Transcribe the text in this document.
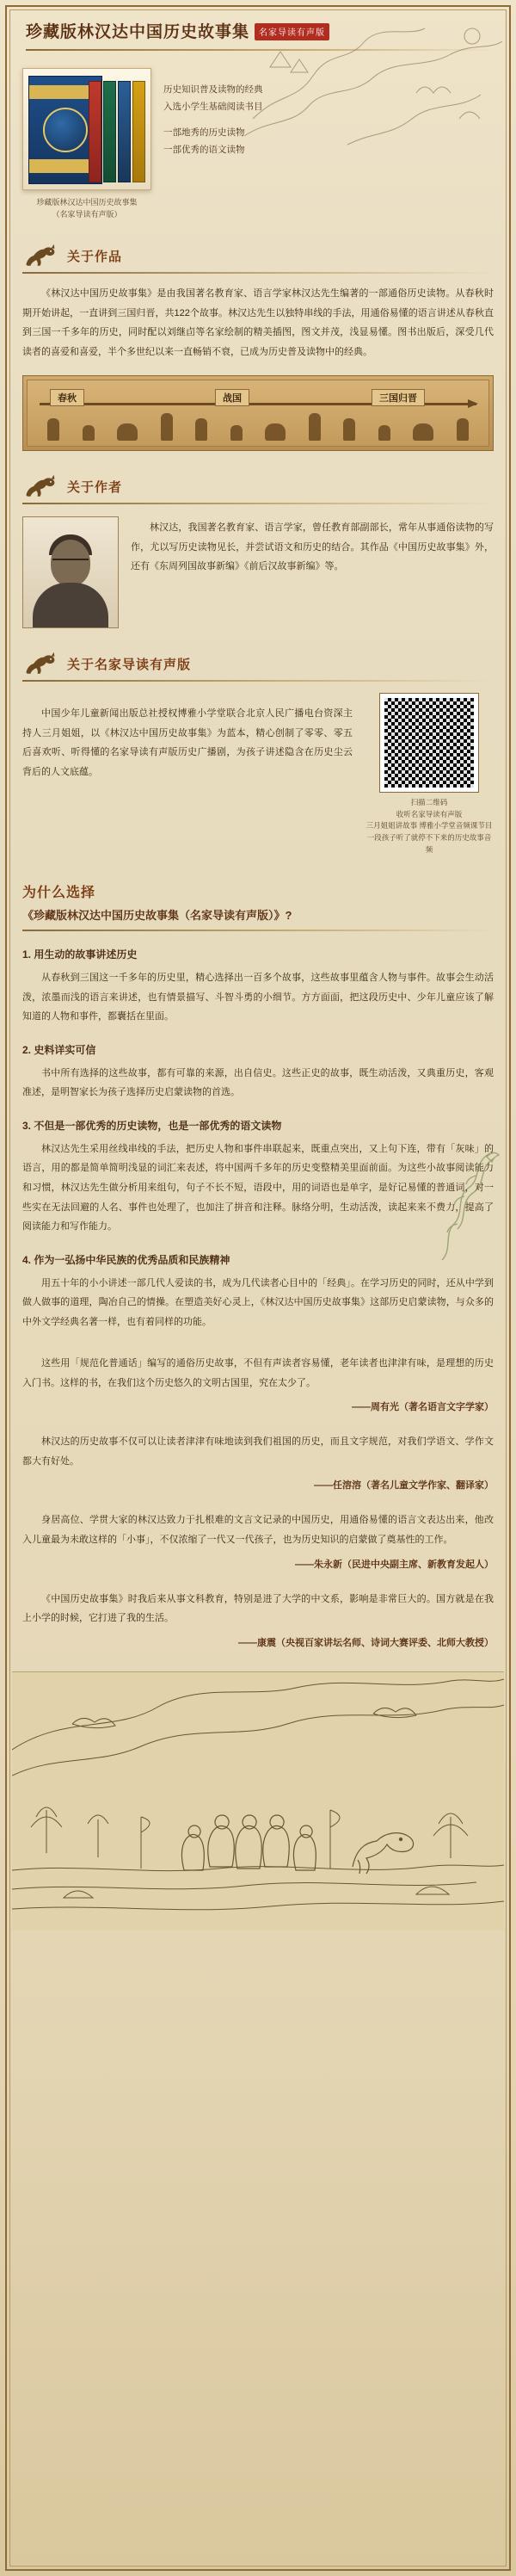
珍藏版林汉达中国历史故事集	名家导读有声版
珍藏版林汉达中国历史故事集
（名家导读有声版）
历史知识普及读物的经典
入选小学生基础阅读书目
一部地秀的历史读物
一部优秀的语文读物
关于作品
《林汉达中国历史故事集》是由我国著名教育家、语言学家林汉达先生编著的一部通俗历史读物。从春秋时期开始讲起，一直讲到三国归晋，共122个故事。林汉达先生以独特串线的手法，用通俗易懂的语言讲述从春秋直到三国一千多年的历史，同时配以刘继卣等名家绘制的精美插图，图文并茂，浅显易懂。图书出版后，深受几代读者的喜爱和喜爱，半个多世纪以来一直畅销不衰，已成为历史普及读物中的经典。
春秋	战国	三国归晋
关于作者
林汉达，我国著名教育家、语言学家，曾任教育部副部长，常年从事通俗读物的写作，尤以写历史读物见长，并尝试语文和历史的结合。其作品《中国历史故事集》外，还有《东周列国故事新编》《前后汉故事新编》等。
关于名家导读有声版
中国少年儿童新闻出版总社授权博雅小学堂联合北京人民广播电台资深主持人三月姐姐，以《林汉达中国历史故事集》为蓝本，精心创制了零零、零五后喜欢听、听得懂的名家导读有声版历史广播剧，为孩子讲述隐含在历史尘云背后的人文底蕴。
扫描二维码
收听名家导读有声版
三月姐姐讲故事 博雅小学堂音频课节目
一段孩子听了就停不下来的历史故事音频
为什么选择
《珍藏版林汉达中国历史故事集（名家导读有声版）》?
1. 用生动的故事讲述历史
从春秋到三国这一千多年的历史里，精心选择出一百多个故事，这些故事里蕴含人物与事件。故事会生动活泼，浓墨而浅的语言来讲述，也有情景描写、斗智斗勇的小细节。方方面面，把这段历史中、少年儿童应该了解知道的人物和事件，都囊括在里面。
2. 史料详实可信
书中所有选择的这些故事，都有可靠的来源，出自信史。这些正史的故事，既生动活泼，又典重历史，客观准述，是明智家长为孩子选择历史启蒙读物的首选。
3. 不但是一部优秀的历史读物，也是一部优秀的语文读物
林汉达先生采用丝线串线的手法，把历史人物和事件串联起来，既重点突出，又上句下连，带有「灰味」的语言，用的都是简单简明浅显的词汇来表述，将中国两千多年的历史变整精美里面前面。为这些小故事阅读能力和习惯，林汉达先生做分析用来组句，句子不长不短，语段中，用的词语也是单字，是好记易懂的普通词，对一些实在无法回避的人名、事件也处理了，也加注了拼音和注释。脉络分明，生动活泼，读起来来不费力，提高了阅读能力和写作能力。
4. 作为一弘扬中华民族的优秀品质和民族精神
用五十年的小小讲述一部几代人爱读的书，成为几代读者心目中的「经典」。在学习历史的同时，还从中学到做人做事的道理，陶冶自己的情操。在塑造美好心灵上，《林汉达中国历史故事集》这部历史启蒙读物，与众多的中外文学经典名著一样，也有着同样的功能。
这些用「规范化普通话」编写的通俗历史故事，不但有声读者容易懂，老年读者也津津有味，是理想的历史入门书。这样的书，在我们这个历史悠久的文明古国里，究在太少了。
——周有光（著名语言文字学家）
林汉达的历史故事不仅可以让读者津津有味地读到我们祖国的历史，而且文字规范，对我们学语文、学作文都大有好处。
——任溶溶（著名儿童文学作家、翻译家）
身居高位、学贯大家的林汉达致力于扎根难的文言文记录的中国历史，用通俗易懂的语言文表达出来，他改入儿童最为未敢这样的「小事」，不仅浓缩了一代又一代孩子，也为历史知识的启蒙做了奠基性的工作。
——朱永新（民进中央副主席、新教育发起人）
《中国历史故事集》时我后来从事文科教育，特别是进了大学的中文系，影响是非常巨大的。国方就是在我上小学的时候，它打进了我的生活。
——康震（央视百家讲坛名师、诗词大赛评委、北师大教授）
